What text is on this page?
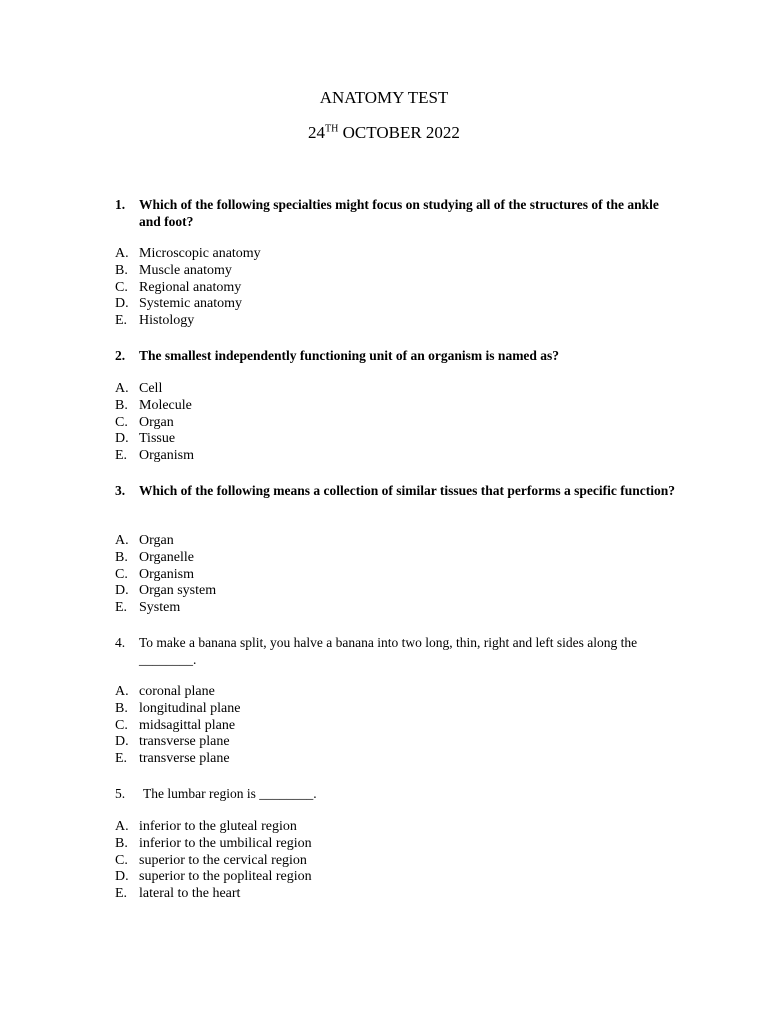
ANATOMY TEST
24TH OCTOBER 2022
1. Which of the following specialties might focus on studying all of the structures of the ankle and foot?
A. Microscopic anatomy
B. Muscle anatomy
C. Regional anatomy
D. Systemic anatomy
E. Histology
2. The smallest independently functioning unit of an organism is named as?
A. Cell
B. Molecule
C. Organ
D. Tissue
E. Organism
3. Which of the following means a collection of similar tissues that performs a specific function?
A. Organ
B. Organelle
C. Organism
D. Organ system
E. System
4. To make a banana split, you halve a banana into two long, thin, right and left sides along the ________.
A. coronal plane
B. longitudinal plane
C. midsagittal plane
D. transverse plane
E. transverse plane
5. The lumbar region is ________.
A. inferior to the gluteal region
B. inferior to the umbilical region
C. superior to the cervical region
D. superior to the popliteal region
E. lateral to the heart
